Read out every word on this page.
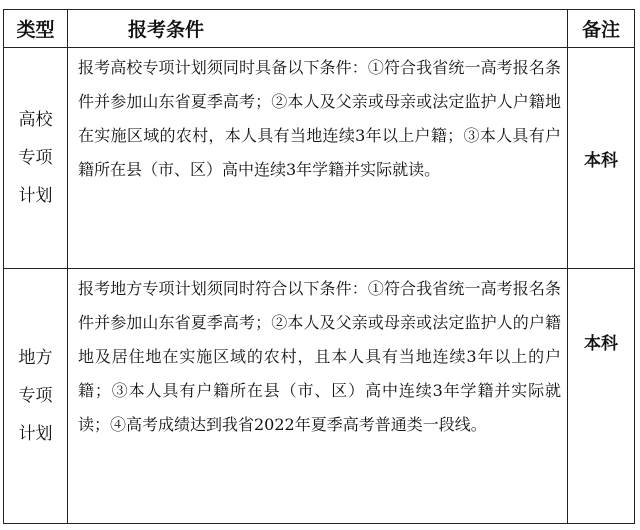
类型	报考条件	备注

高校
专项
计划	报考高校专项计划须同时具备以下条件：①符合我省统一高考报名条件并参加山东省夏季高考；②本人及父亲或母亲或法定监护人户籍地在实施区域的农村，本人具有当地连续3年以上户籍；③本人具有户籍所在县（市、区）高中连续3年学籍并实际就读。	本科

地方
专项
计划	报考地方专项计划须同时符合以下条件：①符合我省统一高考报名条件并参加山东省夏季高考；②本人及父亲或母亲或法定监护人的户籍地及居住地在实施区域的农村，且本人具有当地连续3年以上的户籍；③本人具有户籍所在县（市、区）高中连续3年学籍并实际就读；④高考成绩达到我省2022年夏季高考普通类一段线。	本科
